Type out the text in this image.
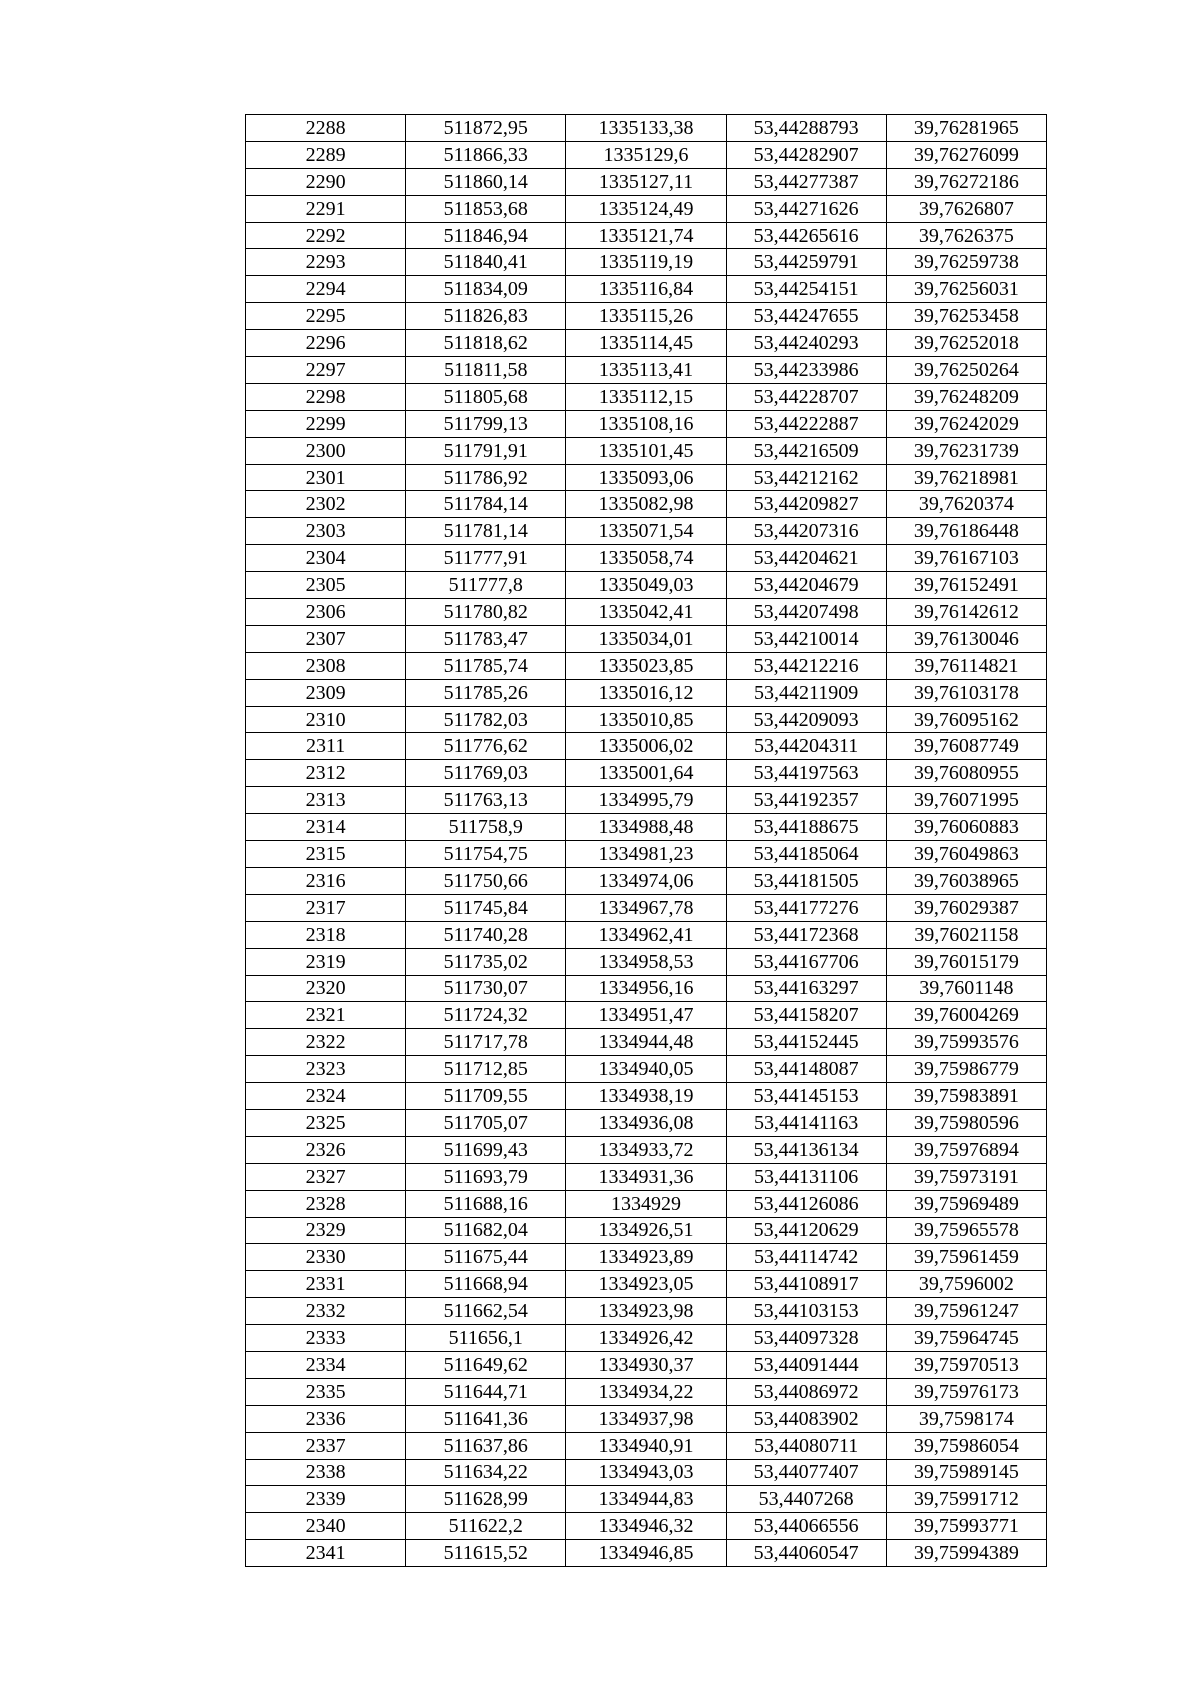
2288	511872,95	1335133,38	53,44288793	39,76281965
2289	511866,33	1335129,6	53,44282907	39,76276099
2290	511860,14	1335127,11	53,44277387	39,76272186
2291	511853,68	1335124,49	53,44271626	39,7626807
2292	511846,94	1335121,74	53,44265616	39,7626375
2293	511840,41	1335119,19	53,44259791	39,76259738
2294	511834,09	1335116,84	53,44254151	39,76256031
2295	511826,83	1335115,26	53,44247655	39,76253458
2296	511818,62	1335114,45	53,44240293	39,76252018
2297	511811,58	1335113,41	53,44233986	39,76250264
2298	511805,68	1335112,15	53,44228707	39,76248209
2299	511799,13	1335108,16	53,44222887	39,76242029
2300	511791,91	1335101,45	53,44216509	39,76231739
2301	511786,92	1335093,06	53,44212162	39,76218981
2302	511784,14	1335082,98	53,44209827	39,7620374
2303	511781,14	1335071,54	53,44207316	39,76186448
2304	511777,91	1335058,74	53,44204621	39,76167103
2305	511777,8	1335049,03	53,44204679	39,76152491
2306	511780,82	1335042,41	53,44207498	39,76142612
2307	511783,47	1335034,01	53,44210014	39,76130046
2308	511785,74	1335023,85	53,44212216	39,76114821
2309	511785,26	1335016,12	53,44211909	39,76103178
2310	511782,03	1335010,85	53,44209093	39,76095162
2311	511776,62	1335006,02	53,44204311	39,76087749
2312	511769,03	1335001,64	53,44197563	39,76080955
2313	511763,13	1334995,79	53,44192357	39,76071995
2314	511758,9	1334988,48	53,44188675	39,76060883
2315	511754,75	1334981,23	53,44185064	39,76049863
2316	511750,66	1334974,06	53,44181505	39,76038965
2317	511745,84	1334967,78	53,44177276	39,76029387
2318	511740,28	1334962,41	53,44172368	39,76021158
2319	511735,02	1334958,53	53,44167706	39,76015179
2320	511730,07	1334956,16	53,44163297	39,7601148
2321	511724,32	1334951,47	53,44158207	39,76004269
2322	511717,78	1334944,48	53,44152445	39,75993576
2323	511712,85	1334940,05	53,44148087	39,75986779
2324	511709,55	1334938,19	53,44145153	39,75983891
2325	511705,07	1334936,08	53,44141163	39,75980596
2326	511699,43	1334933,72	53,44136134	39,75976894
2327	511693,79	1334931,36	53,44131106	39,75973191
2328	511688,16	1334929	53,44126086	39,75969489
2329	511682,04	1334926,51	53,44120629	39,75965578
2330	511675,44	1334923,89	53,44114742	39,75961459
2331	511668,94	1334923,05	53,44108917	39,7596002
2332	511662,54	1334923,98	53,44103153	39,75961247
2333	511656,1	1334926,42	53,44097328	39,75964745
2334	511649,62	1334930,37	53,44091444	39,75970513
2335	511644,71	1334934,22	53,44086972	39,75976173
2336	511641,36	1334937,98	53,44083902	39,7598174
2337	511637,86	1334940,91	53,44080711	39,75986054
2338	511634,22	1334943,03	53,44077407	39,75989145
2339	511628,99	1334944,83	53,4407268	39,75991712
2340	511622,2	1334946,32	53,44066556	39,75993771
2341	511615,52	1334946,85	53,44060547	39,75994389
